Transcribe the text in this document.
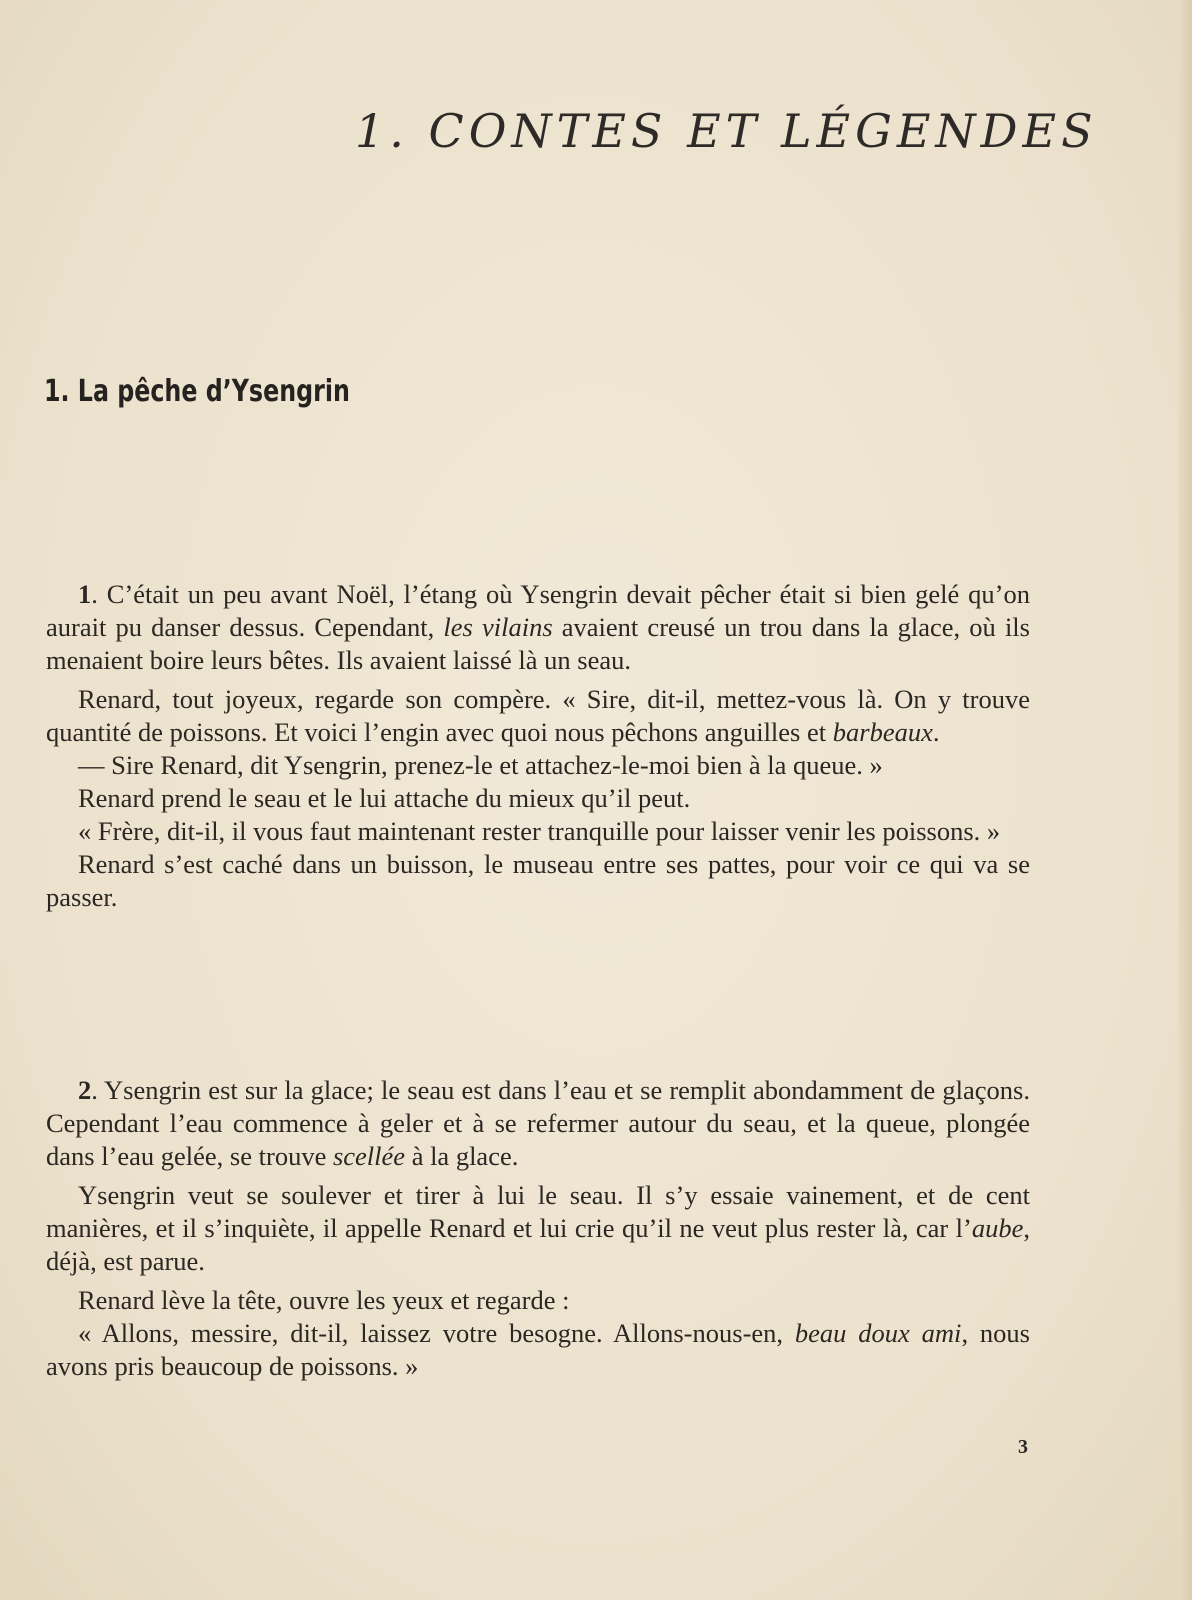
1. CONTES ET LÉGENDES
1. La pêche d’Ysengrin

1. C’était un peu avant Noël, l’étang où Ysengrin devait pêcher était si bien gelé qu’on aurait pu danser dessus. Cependant, les vilains avaient creusé un trou dans la glace, où ils menaient boire leurs bêtes. Ils avaient laissé là un seau.

Renard, tout joyeux, regarde son compère. « Sire, dit-il, mettez-vous là. On y trouve quantité de poissons. Et voici l’engin avec quoi nous pêchons anguilles et barbeaux.

— Sire Renard, dit Ysengrin, prenez-le et attachez-le-moi bien à la queue. »

Renard prend le seau et le lui attache du mieux qu’il peut.

« Frère, dit-il, il vous faut maintenant rester tranquille pour laisser venir les poissons. »

Renard s’est caché dans un buisson, le museau entre ses pattes, pour voir ce qui va se passer.

2. Ysengrin est sur la glace; le seau est dans l’eau et se remplit abondamment de glaçons. Cependant l’eau commence à geler et à se refermer autour du seau, et la queue, plongée dans l’eau gelée, se trouve scellée à la glace.

Ysengrin veut se soulever et tirer à lui le seau. Il s’y essaie vainement, et de cent manières, et il s’inquiète, il appelle Renard et lui crie qu’il ne veut plus rester là, car l’aube, déjà, est parue.

Renard lève la tête, ouvre les yeux et regarde :

« Allons, messire, dit-il, laissez votre besogne. Allons-nous-en, beau doux ami, nous avons pris beaucoup de poissons. »

3
